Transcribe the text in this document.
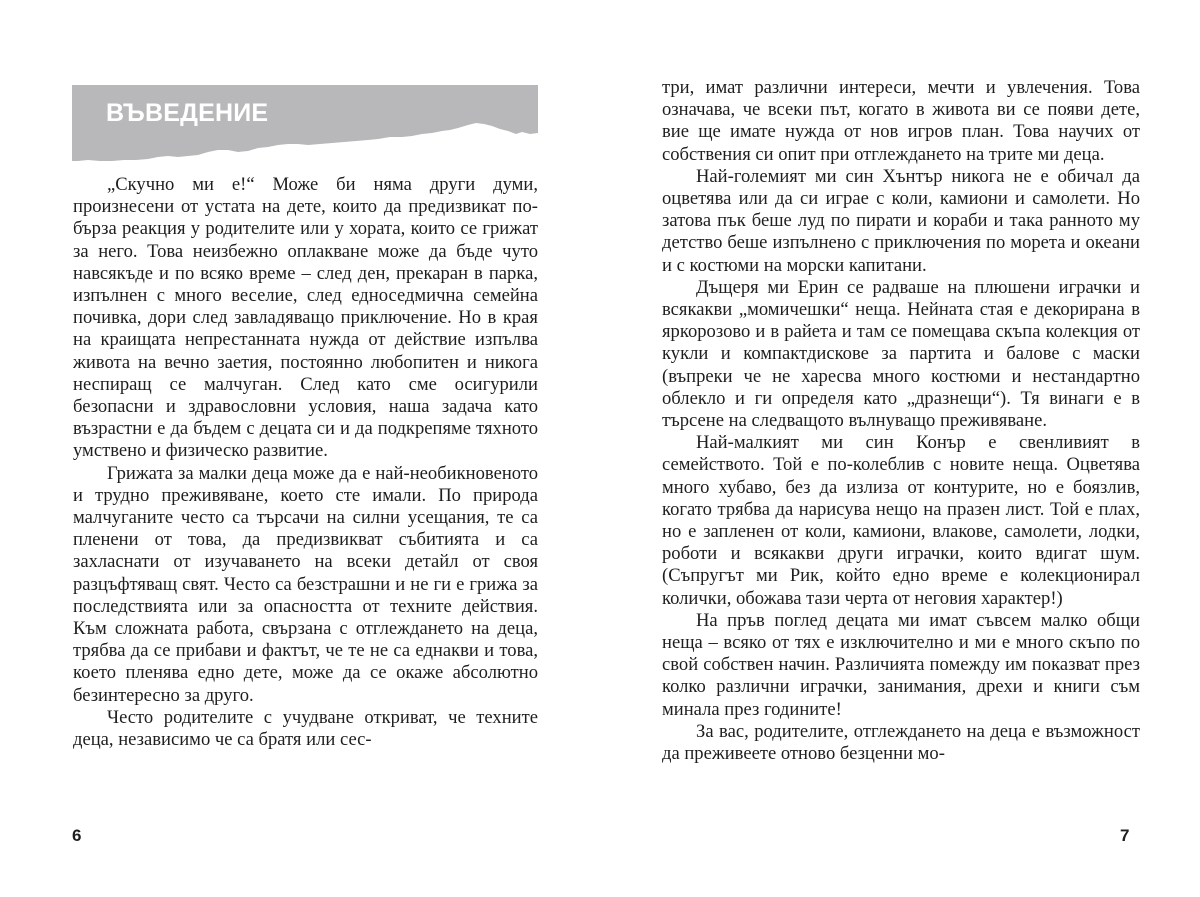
ВЪВЕДЕНИЕ

„Скучно ми е!“ Може би няма други думи, произнесени от устата на дете, които да предизвикат по-бърза реакция у родителите или у хората, които се грижат за него. Това неизбежно оплакване може да бъде чуто навсякъде и по всяко време – след ден, прекаран в парка, изпълнен с много веселие, след едноседмична семейна почивка, дори след завладяващо приключение. Но в края на краищата непрестанната нужда от действие изпълва живота на вечно заетия, постоянно любопитен и никога неспиращ се малчуган. След като сме осигурили безопасни и здравословни условия, наша задача като възрастни е да бъдем с децата си и да подкрепяме тяхното умствено и физическо развитие.

Грижата за малки деца може да е най-необикновеното и трудно преживяване, което сте имали. По природа малчуганите често са търсачи на силни усещания, те са пленени от това, да предизвикват събитията и са захласнати от изучаването на всеки детайл от своя разцъфтяващ свят. Често са безстрашни и не ги е грижа за последствията или за опасността от техните действия. Към сложната работа, свързана с отглеждането на деца, трябва да се прибави и фактът, че те не са еднакви и това, което пленява едно дете, може да се окаже абсолютно безинтересно за друго.

Често родителите с учудване откриват, че техните деца, независимо че са братя или сес-

6

три, имат различни интереси, мечти и увлечения. Това означава, че всеки път, когато в живота ви се появи дете, вие ще имате нужда от нов игров план. Това научих от собствения си опит при отглеждането на трите ми деца.

Най-големият ми син Хънтър никога не е обичал да оцветява или да си играе с коли, камиони и самолети. Но затова пък беше луд по пирати и кораби и така ранното му детство беше изпълнено с приключения по морета и океани и с костюми на морски капитани.

Дъщеря ми Ерин се радваше на плюшени играчки и всякакви „момичешки“ неща. Нейната стая е декорирана в яркорозово и в райета и там се помещава скъпа колекция от кукли и компактдискове за партита и балове с маски (въпреки че не харесва много костюми и нестандартно облекло и ги определя като „дразнещи“). Тя винаги е в търсене на следващото вълнуващо преживяване.

Най-малкият ми син Конър е свенливият в семейството. Той е по-колеблив с новите неща. Оцветява много хубаво, без да излиза от контурите, но е боязлив, когато трябва да нарисува нещо на празен лист. Той е плах, но е запленен от коли, камиони, влакове, самолети, лодки, роботи и всякакви други играчки, които вдигат шум. (Съпругът ми Рик, който едно време е колекционирал колички, обожава тази черта от неговия характер!)

На пръв поглед децата ми имат съвсем малко общи неща – всяко от тях е изключително и ми е много скъпо по свой собствен начин. Различията помежду им показват през колко различни играчки, занимания, дрехи и книги съм минала през годините!

За вас, родителите, отглеждането на деца е възможност да преживеете отново безценни мо-

7
